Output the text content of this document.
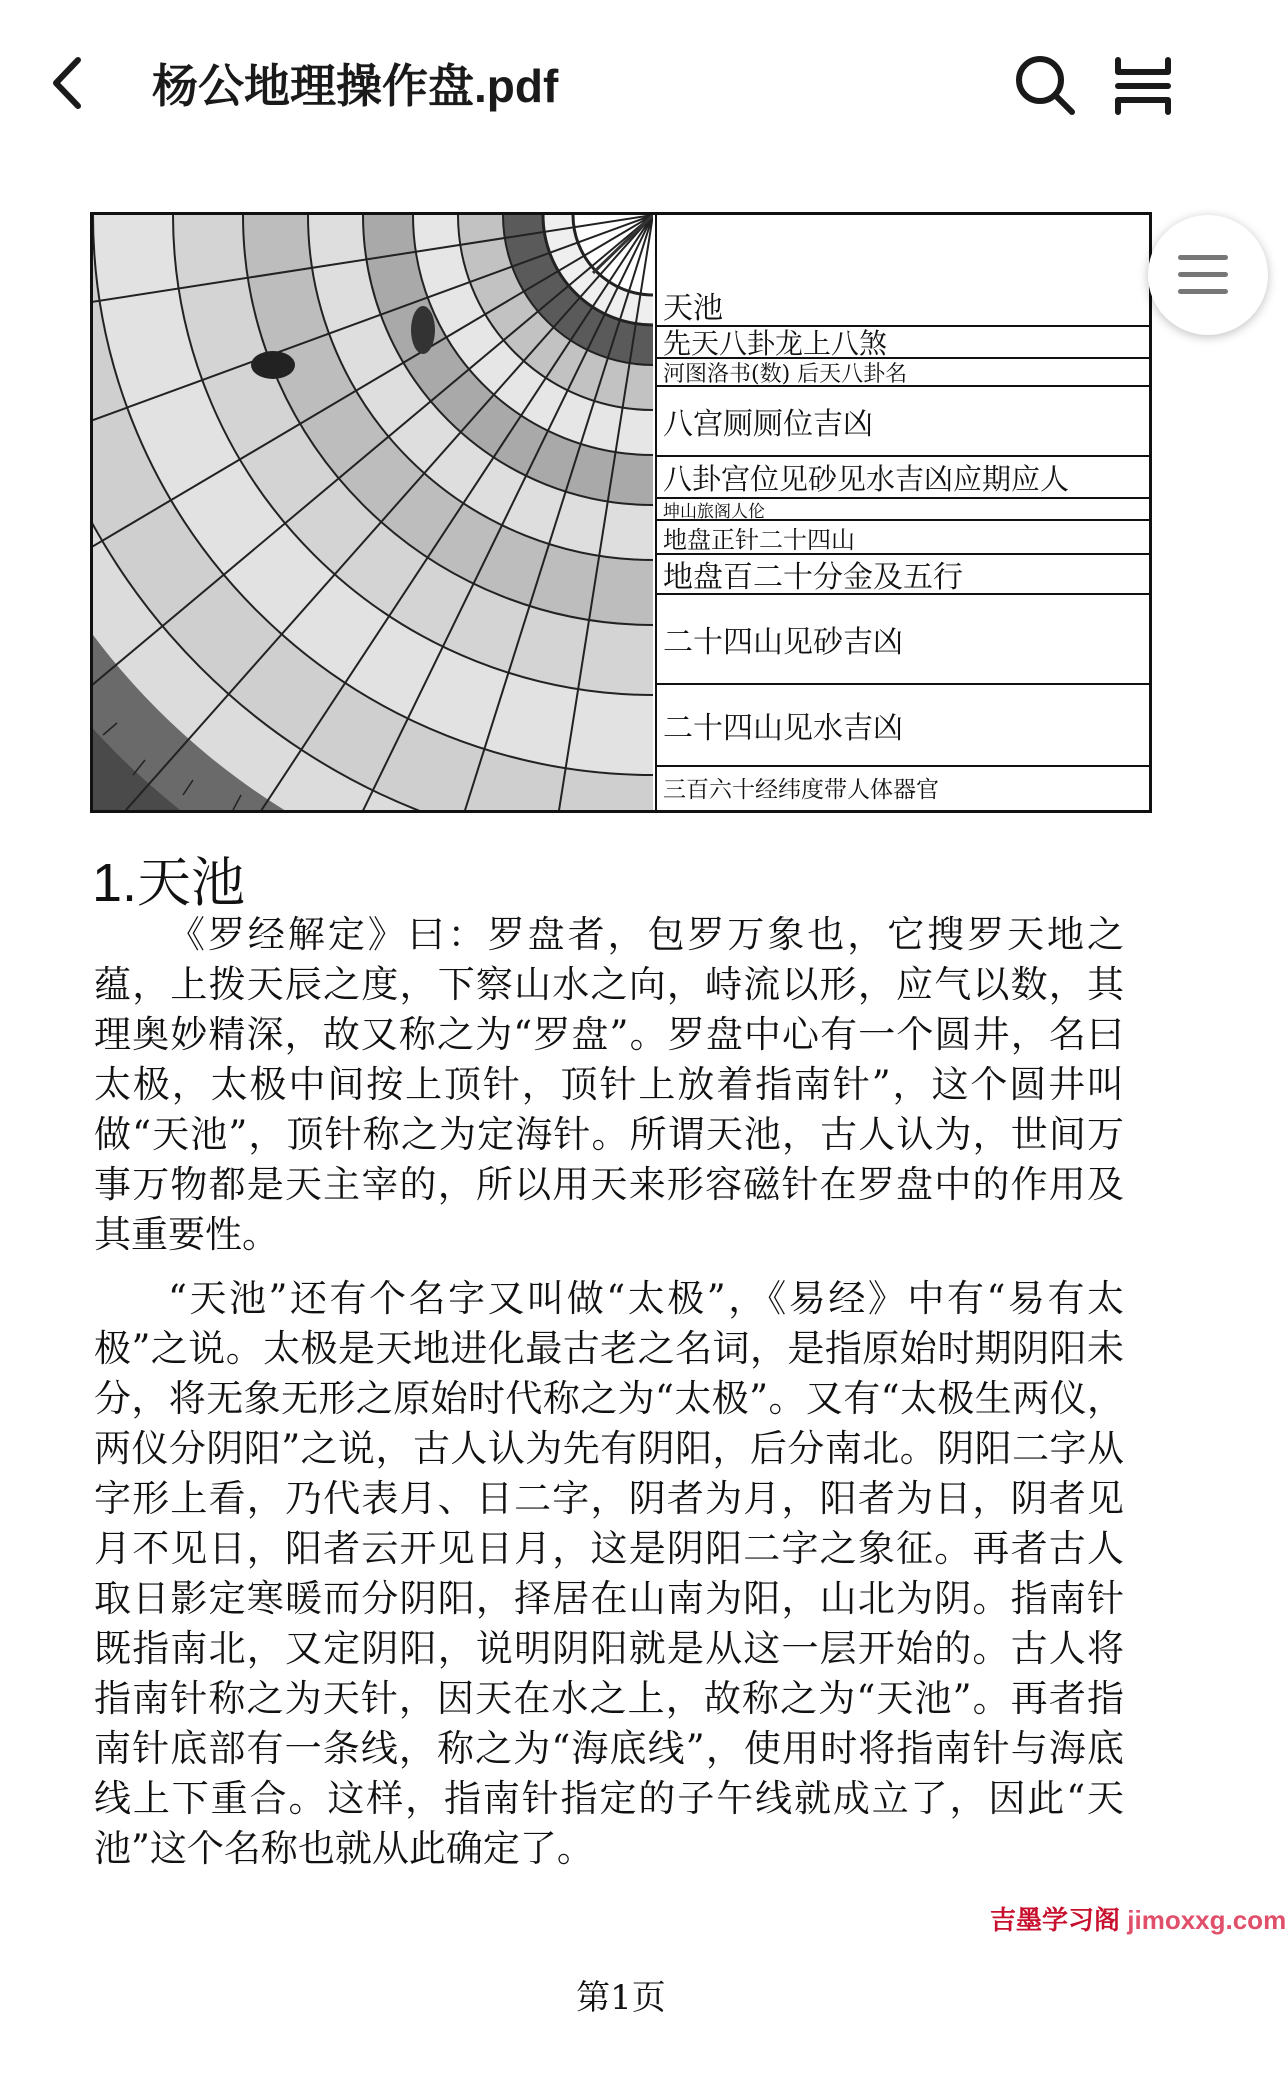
杨公地理操作盘.pdf
天池
先天八卦龙上八煞
河图洛书(数) 后天八卦名
八宫厕厕位吉凶
八卦宫位见砂见水吉凶应期应人
坤山旅阁人伦
地盘正针二十四山
地盘百二十分金及五行
二十四山见砂吉凶
二十四山见水吉凶
三百六十经纬度带人体器官
1.天池

《罗经解定》曰：罗盘者，包罗万象也，它搜罗天地之蕴，上拨天辰之度，下察山水之向，峙流以形，应气以数，其理奥妙精深，故又称之为“罗盘”。罗盘中心有一个圆井，名曰太极，太极中间按上顶针，顶针上放着指南针”，这个圆井叫做“天池”，顶针称之为定海针。所谓天池，古人认为，世间万事万物都是天主宰的，所以用天来形容磁针在罗盘中的作用及其重要性。

“天池”还有个名字又叫做“太极”，《易经》中有“易有太极”之说。太极是天地进化最古老之名词，是指原始时期阴阳未分，将无象无形之原始时代称之为“太极”。又有“太极生两仪，两仪分阴阳”之说，古人认为先有阴阳，后分南北。阴阳二字从字形上看，乃代表月、日二字，阴者为月，阳者为日，阴者见月不见日，阳者云开见日月，这是阴阳二字之象征。再者古人取日影定寒暖而分阴阳，择居在山南为阳，山北为阴。指南针既指南北，又定阴阳，说明阴阳就是从这一层开始的。古人将指南针称之为天针，因天在水之上，故称之为“天池”。再者指南针底部有一条线，称之为“海底线”，使用时将指南针与海底线上下重合。这样，指南针指定的子午线就成立了，因此“天池”这个名称也就从此确定了。

第1页
吉墨学习阁 jimoxxg.com
